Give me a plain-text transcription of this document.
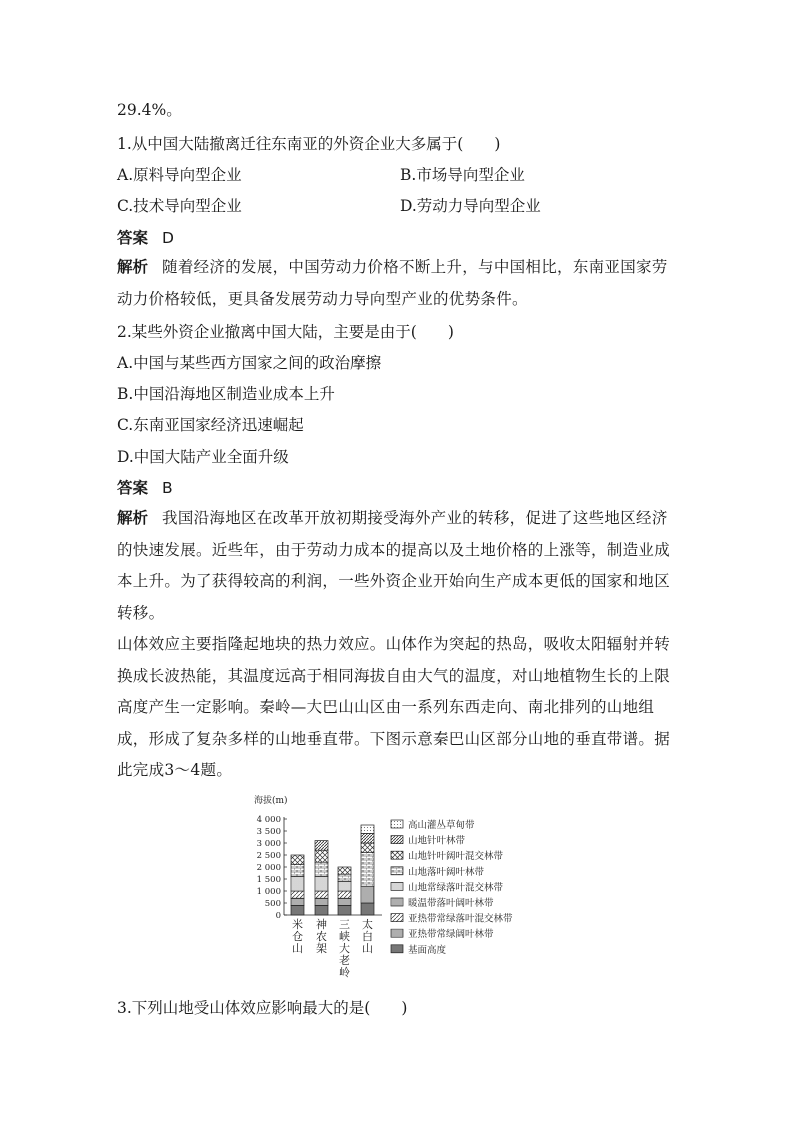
29.4%。
1.从中国大陆撤离迁往东南亚的外资企业大多属于(　　)
A.原料导向型企业	B.市场导向型企业
C.技术导向型企业	D.劳动力导向型企业
答案 D
解析 随着经济的发展，中国劳动力价格不断上升，与中国相比，东南亚国家劳动力价格较低，更具备发展劳动力导向型产业的优势条件。
2.某些外资企业撤离中国大陆，主要是由于(　　)
A.中国与某些西方国家之间的政治摩擦
B.中国沿海地区制造业成本上升
C.东南亚国家经济迅速崛起
D.中国大陆产业全面升级
答案 B
解析 我国沿海地区在改革开放初期接受海外产业的转移，促进了这些地区经济的快速发展。近些年，由于劳动力成本的提高以及土地价格的上涨等，制造业成本上升。为了获得较高的利润，一些外资企业开始向生产成本更低的国家和地区转移。
山体效应主要指隆起地块的热力效应。山体作为突起的热岛，吸收太阳辐射并转换成长波热能，其温度远高于相同海拔自由大气的温度，对山地植物生长的上限高度产生一定影响。秦岭—大巴山山区由一系列东西走向、南北排列的山地组成，形成了复杂多样的山地垂直带。下图示意秦巴山区部分山地的垂直带谱。据此完成3～4题。
海拔(m)
0
500
1 000
1 500
2 000
2 500
3 000
3 500
4 000
米仓山
神农架
三峡大老岭
太白山
高山灌丛草甸带
山地针叶林带
山地针叶阔叶混交林带
山地落叶阔叶林带
山地常绿落叶混交林带
暖温带落叶阔叶林带
亚热带常绿落叶混交林带
亚热带常绿阔叶林带
基面高度
3.下列山地受山体效应影响最大的是(　　)
